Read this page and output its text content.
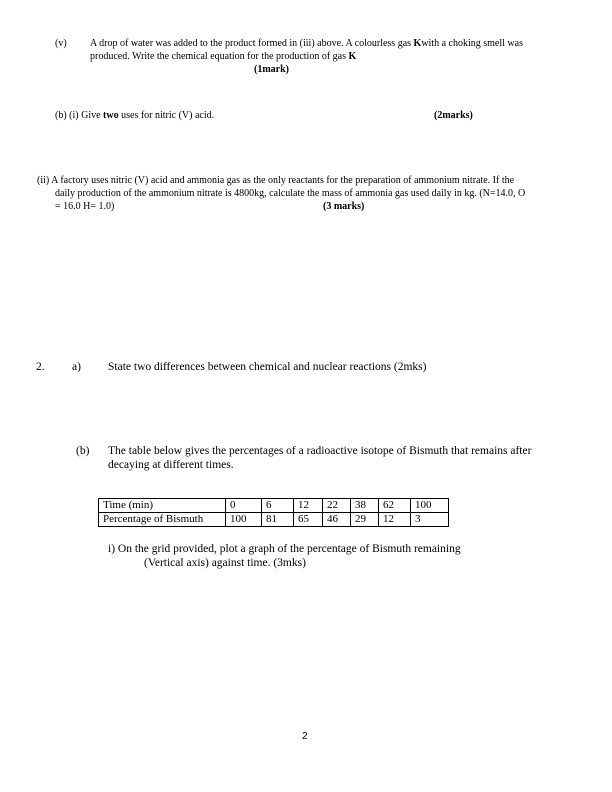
(v) A drop of water was added to the product formed in (iii) above. A colourless gas Kwith a choking smell was
produced. Write the chemical equation for the production of gas K
(1mark)
(b) (i) Give two uses for nitric (V) acid.	(2marks)
(ii) A factory uses nitric (V) acid and ammonia gas as the only reactants for the preparation of ammonium nitrate. If the
daily production of the ammonium nitrate is 4800kg, calculate the mass of ammonia gas used daily in kg. (N=14.0, O
= 16.0 H= 1.0)	(3 marks)
2. a) State two differences between chemical and nuclear reactions (2mks)
(b) The table below gives the percentages of a radioactive isotope of Bismuth that remains after
decaying at different times.
Time (min)	0	6	12	22	38	62	100
Percentage of Bismuth	100	81	65	46	29	12	3
i) On the grid provided, plot a graph of the percentage of Bismuth remaining
(Vertical axis) against time. (3mks)
2
